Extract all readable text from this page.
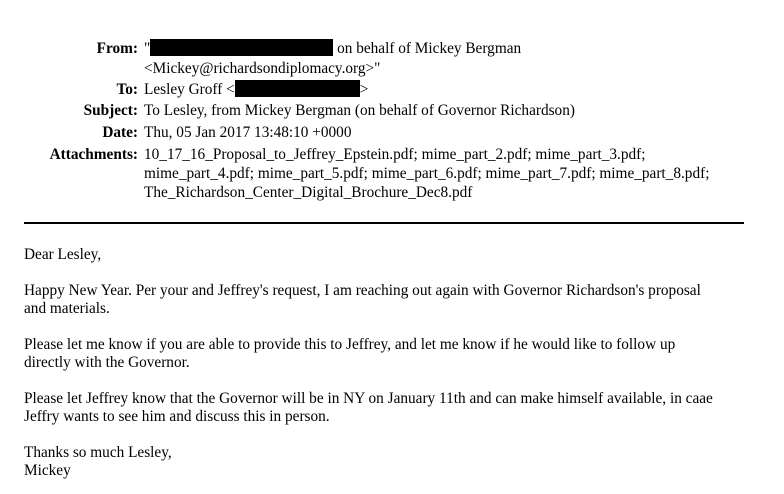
From: "	on behalf of Mickey Bergman
<Mickey@richardsondiplomacy.org>"
To: Lesley Groff <	>
Subject: To Lesley, from Mickey Bergman (on behalf of Governor Richardson)
Date: Thu, 05 Jan 2017 13:48:10 +0000
Attachments: 10_17_16_Proposal_to_Jeffrey_Epstein.pdf; mime_part_2.pdf; mime_part_3.pdf;
mime_part_4.pdf; mime_part_5.pdf; mime_part_6.pdf; mime_part_7.pdf; mime_part_8.pdf;
The_Richardson_Center_Digital_Brochure_Dec8.pdf
Dear Lesley,
Happy New Year. Per your and Jeffrey's request, I am reaching out again with Governor Richardson's proposal
and materials.
Please let me know if you are able to provide this to Jeffrey, and let me know if he would like to follow up
directly with the Governor.
Please let Jeffrey know that the Governor will be in NY on January 11th and can make himself available, in caae
Jeffry wants to see him and discuss this in person.
Thanks so much Lesley,
Mickey
